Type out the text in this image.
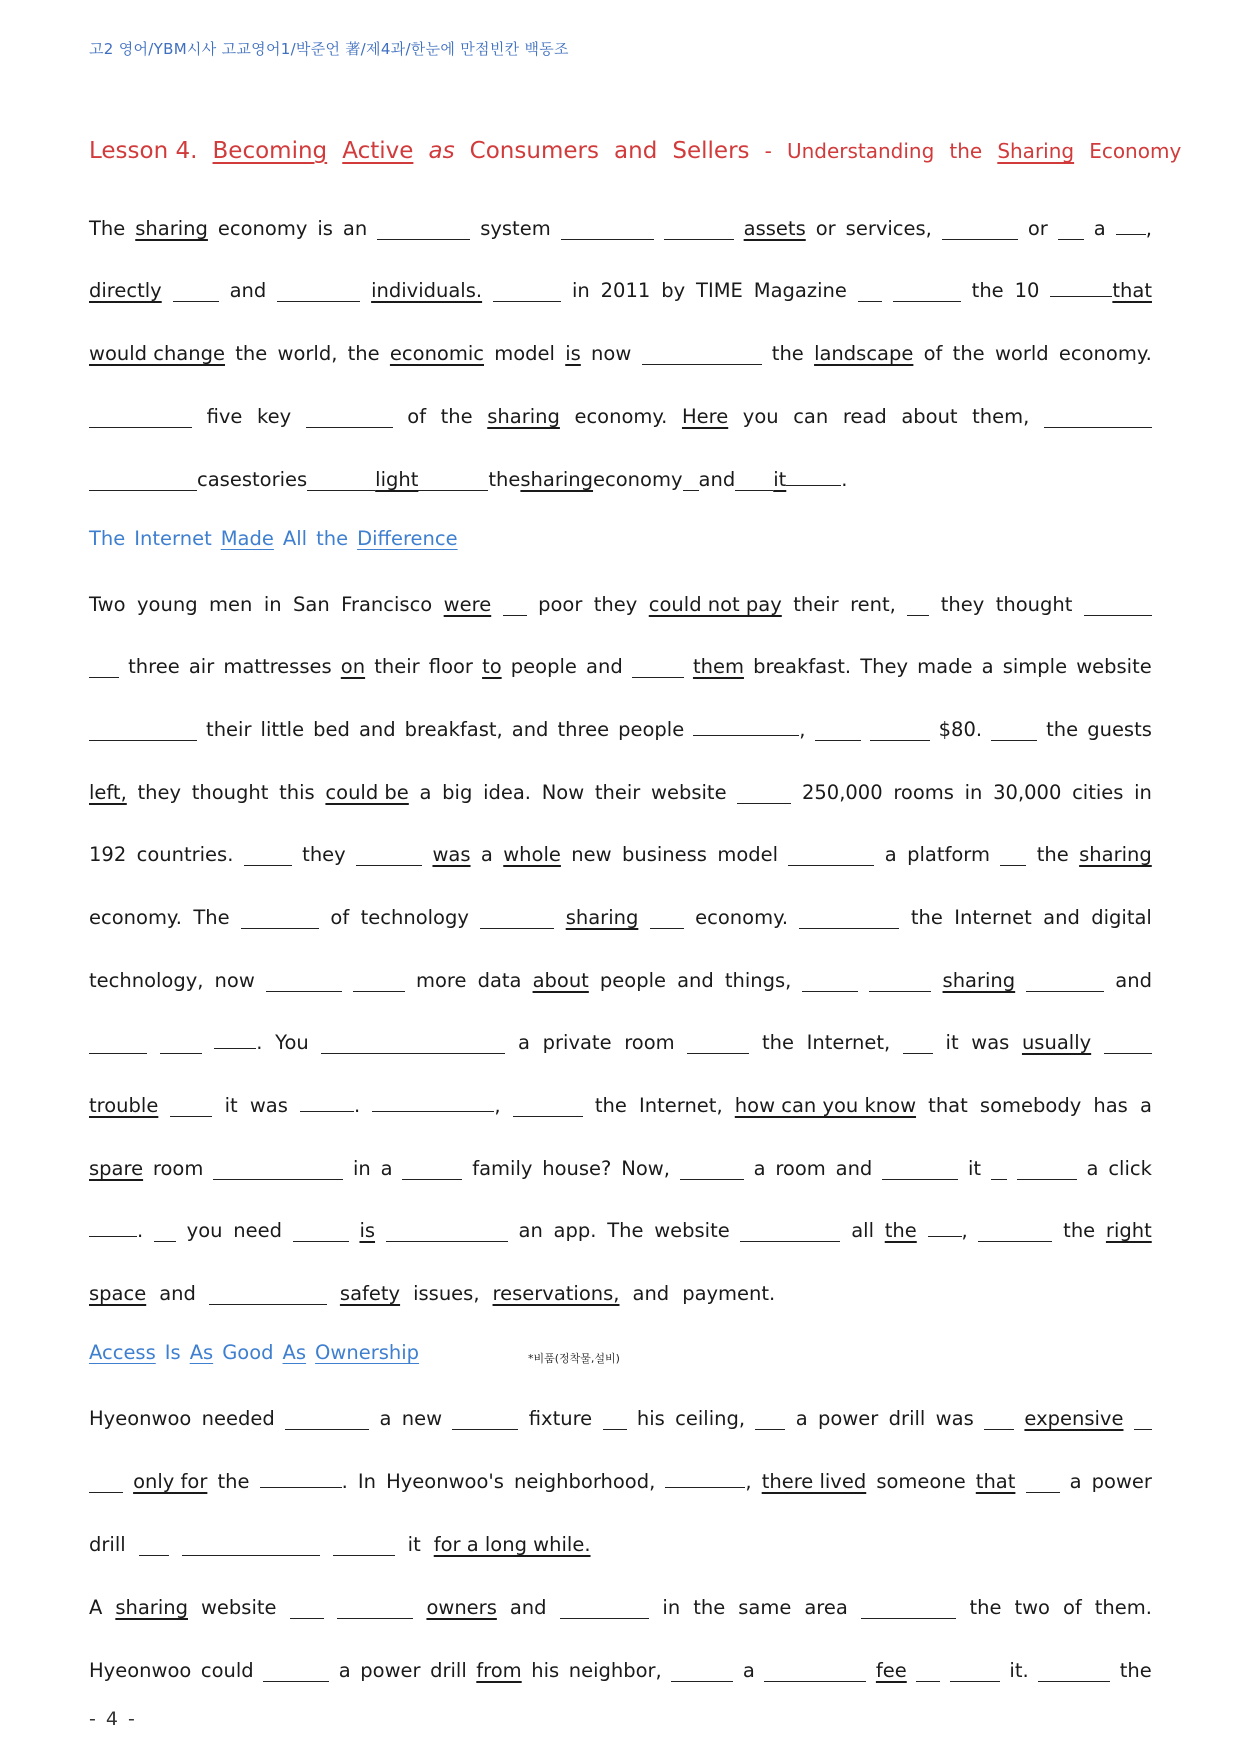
고2 영어/YBM시사 고교영어1/박준언 著/제4과/한눈에 만점빈칸 백동조
Lesson 4. Becoming Active as Consumers and Sellers - Understanding the Sharing Economy
The sharing economy is an	system	assets or services,	or a	,
directly	and	individuals.	in 2011 by TIME Magazine	the 10	that
would change the world, the economic model is now	the landscape of the world economy.
five key	of the sharing economy. Here you can read about them,
case stories	light	the sharing economy and it	.
The Internet Made All the Difference
Two young men in San Francisco were poor they could not pay their rent, they thought
three air mattresses on their floor to people and	them breakfast. They made a simple website
their little bed and breakfast, and three people	,	$80.	the guests
left, they thought this could be a big idea. Now their website	250,000 rooms in 30,000 cities in
192 countries.	they	was a whole new business model	a platform the sharing
economy. The	of technology	sharing	economy.	the Internet and digital
technology, now	more data about people and things,	sharing	and
. You	a private room	the Internet,	it was usually
trouble	it was	.	,	the Internet, how can you know that somebody has a
spare room	in a	family house? Now,	a room and	it	a click
. you need	is	an app. The website	all the	,	the right
space and	safety issues, reservations, and payment.
Access Is As Good As Ownership	*비품(정착물,설비)
Hyeonwoo needed	a new	fixture his ceiling,	a power drill was	expensive
only for the	. In Hyeonwoo's neighborhood,	, there lived someone that	a power
drill	it for a long while.
A sharing website	owners and	in the same area	the two of them.
Hyeonwoo could	a power drill from his neighbor,	a	fee	it.	the
- 4 -
